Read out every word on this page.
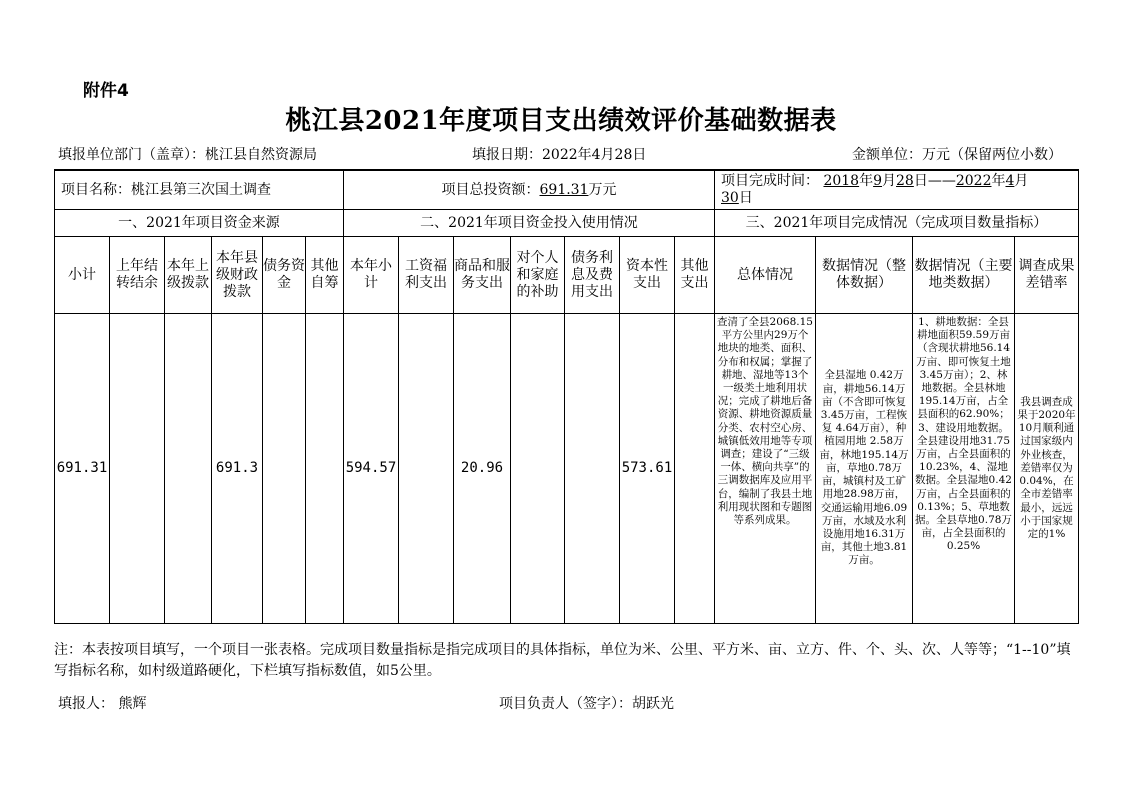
附件4
桃江县2021年度项目支出绩效评价基础数据表
填报单位部门（盖章）：桃江县自然资源局	填报日期：2022年4月28日	金额单位：万元（保留两位小数）
项目名称：桃江县第三次国土调查						项目总投资额：691.31万元							项目完成时间： 2018年9月28日——2022年4月
30日			
一、2021年项目资金来源						二、2021年项目资金投入使用情况							三、2021年项目完成情况（完成项目数量指标）			
小计	上年结转结余	本年上级拨款	本年县级财政拨款	债务资金	其他自筹	本年小计	工资福利支出	商品和服务支出	对个人和家庭的补助	债务利息及费用支出	资本性支出	其他支出	总体情况	数据情况（整体数据）	数据情况（主要地类数据）	调查成果差错率
691.31			691.3			594.57		20.96			573.61		查清了全县2068.15平方公里内29万个地块的地类、面积、分布和权属；掌握了耕地、湿地等13个一级类土地利用状况；完成了耕地后备资源、耕地资源质量分类、农村空心房、城镇低效用地等专项调查；建设了“三级一体、横向共享”的三调数据库及应用平台，编制了我县土地利用现状图和专题图等系列成果。	全县湿地 0.42万亩，耕地56.14万亩（不含即可恢复3.45万亩，工程恢复 4.64万亩），种植园用地 2.58万亩，林地195.14万亩，草地0.78万亩，城镇村及工矿用地28.98万亩，交通运输用地6.09万亩，水域及水利设施用地16.31万亩，其他土地3.81万亩。	1、耕地数据：全县耕地面积59.59万亩（含现状耕地56.14万亩、即可恢复土地3.45万亩）；2、林地数据。全县林地195.14万亩，占全县面积的62.90%；3、建设用地数据。全县建设用地31.75万亩，占全县面积的10.23%，4、湿地数据。全县湿地0.42万亩，占全县面积的0.13%；5、草地数据。全县草地0.78万亩，占全县面积的0.25%	我县调查成果于2020年10月顺利通过国家级内外业核查，差错率仅为0.04%，在全市差错率最小，远远小于国家规定的1%
注：本表按项目填写，一个项目一张表格。完成项目数量指标是指完成项目的具体指标，单位为米、公里、平方米、亩、立方、件、个、头、次、人等等；“1--10”填写指标名称，如村级道路硬化，下栏填写指标数值，如5公里。
填报人： 熊辉	项目负责人（签字）：胡跃光
